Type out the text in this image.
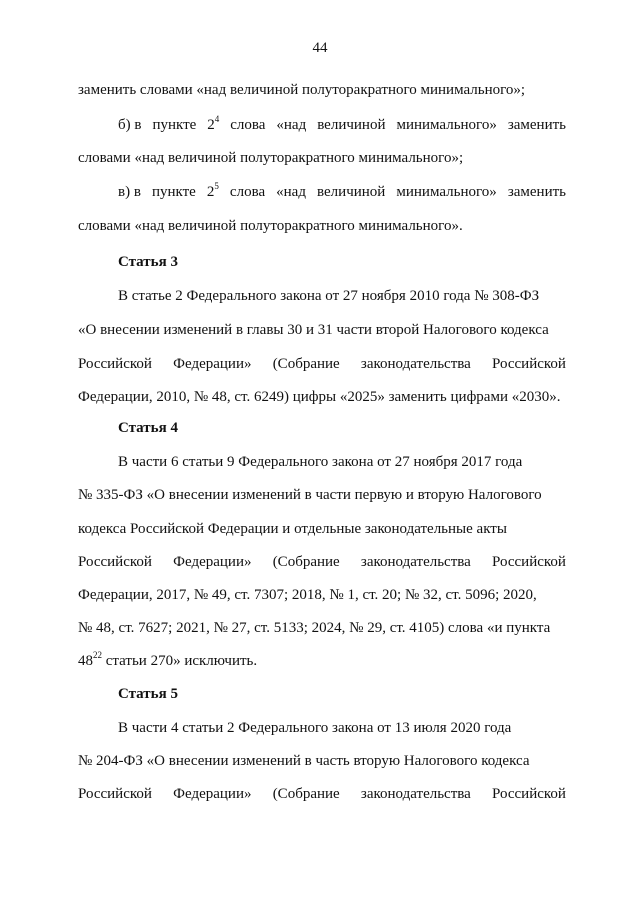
44
заменить словами «над величиной полуторакратного минимального»;
б) в пункте $2^4$ слова «над величиной минимального» заменить
словами «над величиной полуторакратного минимального»;
в) в пункте $2^5$ слова «над величиной минимального» заменить
словами «над величиной полуторакратного минимального».
Статья 3
В статье 2 Федерального закона от 27 ноября 2010 года № 308-ФЗ
«О внесении изменений в главы 30 и 31 части второй Налогового кодекса
Российской Федерации» (Собрание законодательства Российской
Федерации, 2010, № 48, ст. 6249) цифры «2025» заменить цифрами «2030».
Статья 4
В части 6 статьи 9 Федерального закона от 27 ноября 2017 года
№ 335-ФЗ «О внесении изменений в части первую и вторую Налогового
кодекса Российской Федерации и отдельные законодательные акты
Российской Федерации» (Собрание законодательства Российской
Федерации, 2017, № 49, ст. 7307; 2018, № 1, ст. 20; № 32, ст. 5096; 2020,
№ 48, ст. 7627; 2021, № 27, ст. 5133; 2024, № 29, ст. 4105) слова «и пункта
$48^{22}$ статьи 270» исключить.
Статья 5
В части 4 статьи 2 Федерального закона от 13 июля 2020 года
№ 204-ФЗ «О внесении изменений в часть вторую Налогового кодекса
Российской Федерации» (Собрание законодательства Российской
